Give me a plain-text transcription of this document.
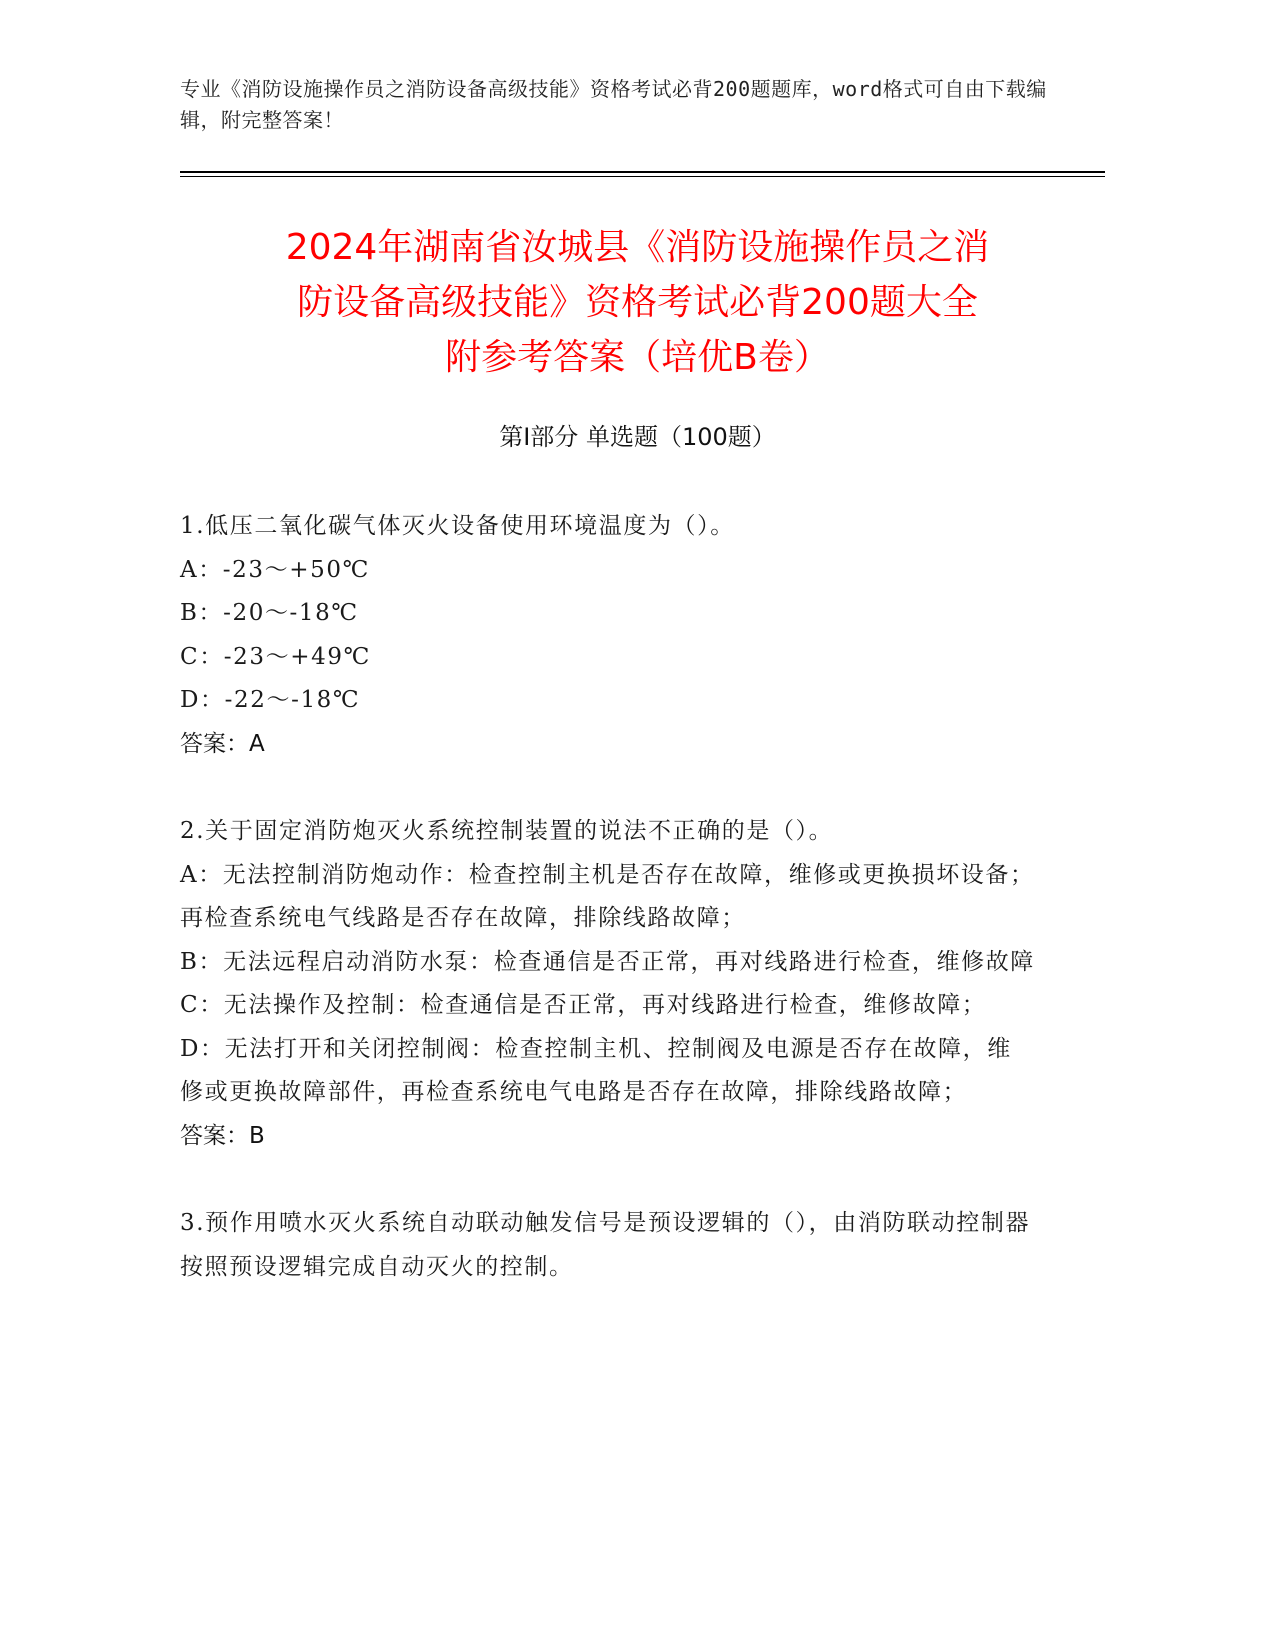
专业《消防设施操作员之消防设备高级技能》资格考试必背200题题库，word格式可自由下载编辑，附完整答案！
2024年湖南省汝城县《消防设施操作员之消
防设备高级技能》资格考试必背200题大全
附参考答案（培优B卷）
第Ⅰ部分 单选题（100题）

1.低压二氧化碳气体灭火设备使用环境温度为（）。

A：-23～+50℃

B：-20～-18℃

C：-23～+49℃

D：-22～-18℃

答案：A

2.关于固定消防炮灭火系统控制装置的说法不正确的是（）。

A：无法控制消防炮动作：检查控制主机是否存在故障，维修或更换损坏设备；再检查系统电气线路是否存在故障，排除线路故障；

B：无法远程启动消防水泵：检查通信是否正常，再对线路进行检查，维修故障

C：无法操作及控制：检查通信是否正常，再对线路进行检查，维修故障；

D：无法打开和关闭控制阀：检查控制主机、控制阀及电源是否存在故障，维修或更换故障部件，再检查系统电气电路是否存在故障，排除线路故障；

答案：B

3.预作用喷水灭火系统自动联动触发信号是预设逻辑的（），由消防联动控制器按照预设逻辑完成自动灭火的控制。
